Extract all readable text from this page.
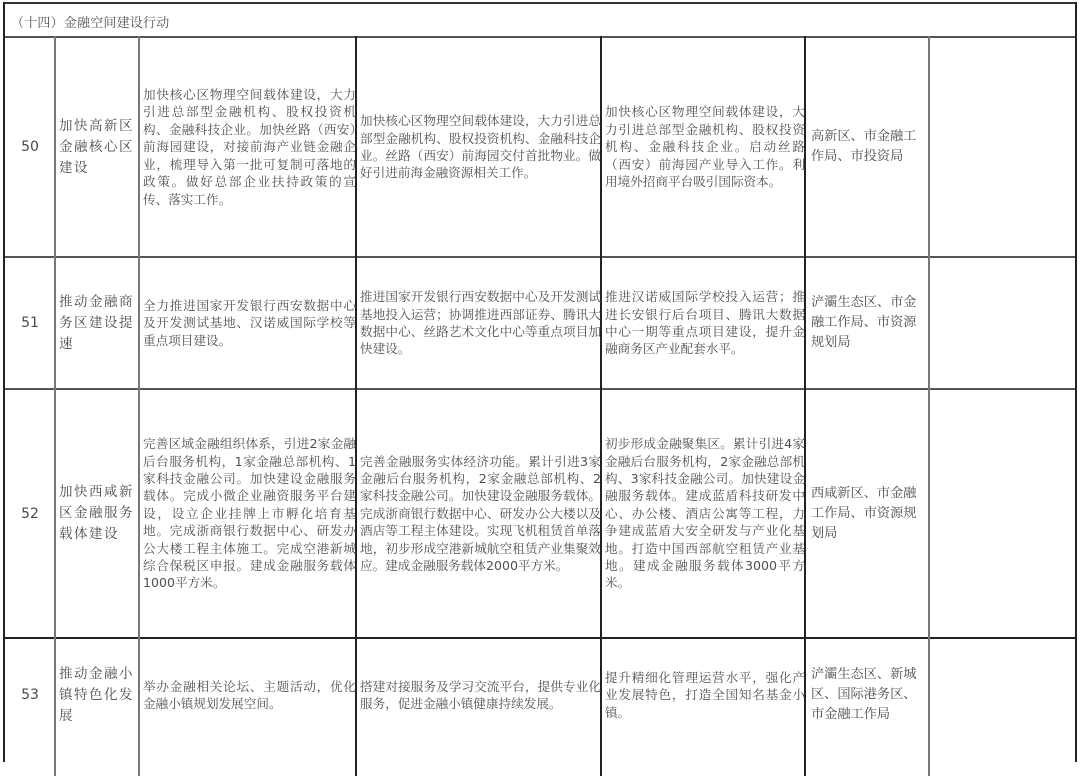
（十四）金融空间建设行动
50
加快高新区金融核心区建设
加快核心区物理空间载体建设，大力引进总部型金融机构、股权投资机构、金融科技企业。加快丝路（西安）前海园建设，对接前海产业链金融企业，梳理导入第一批可复制可落地的政策。做好总部企业扶持政策的宣传、落实工作。
加快核心区物理空间载体建设，大力引进总部型金融机构、股权投资机构、金融科技企业。丝路（西安）前海园交付首批物业。做好引进前海金融资源相关工作。
加快核心区物理空间载体建设，大力引进总部型金融机构、股权投资机构、金融科技企业。启动丝路（西安）前海园产业导入工作。利用境外招商平台吸引国际资本。
高新区、市金融工作局、市投资局
51
推动金融商务区建设提速
全力推进国家开发银行西安数据中心及开发测试基地、汉诺威国际学校等重点项目建设。
推进国家开发银行西安数据中心及开发测试基地投入运营；协调推进西部证券、腾讯大数据中心、丝路艺术文化中心等重点项目加快建设。
推进汉诺威国际学校投入运营；推进长安银行后台项目、腾讯大数据中心一期等重点项目建设，提升金融商务区产业配套水平。
浐灞生态区、市金融工作局、市资源规划局
52
加快西咸新区金融服务载体建设
完善区域金融组织体系，引进2家金融后台服务机构，1家金融总部机构、1家科技金融公司。加快建设金融服务载体。完成小微企业融资服务平台建设，设立企业挂牌上市孵化培育基地。完成浙商银行数据中心、研发办公大楼工程主体施工。完成空港新城综合保税区申报。建成金融服务载体1000平方米。
完善金融服务实体经济功能。累计引进3家金融后台服务机构，2家金融总部机构、2家科技金融公司。加快建设金融服务载体。完成浙商银行数据中心、研发办公大楼以及酒店等工程主体建设。实现飞机租赁首单落地，初步形成空港新城航空租赁产业集聚效应。建成金融服务载体2000平方米。
初步形成金融聚集区。累计引进4家金融后台服务机构，2家金融总部机构、3家科技金融公司。加快建设金融服务载体。建成蓝盾科技研发中心、办公楼、酒店公寓等工程，力争建成蓝盾大安全研发与产业化基地。打造中国西部航空租赁产业基地。建成金融服务载体3000平方米。
西咸新区、市金融工作局、市资源规划局
53
推动金融小镇特色化发展
举办金融相关论坛、主题活动，优化金融小镇规划发展空间。
搭建对接服务及学习交流平台，提供专业化服务，促进金融小镇健康持续发展。
提升精细化管理运营水平，强化产业发展特色，打造全国知名基金小镇。
浐灞生态区、新城区、国际港务区、市金融工作局
